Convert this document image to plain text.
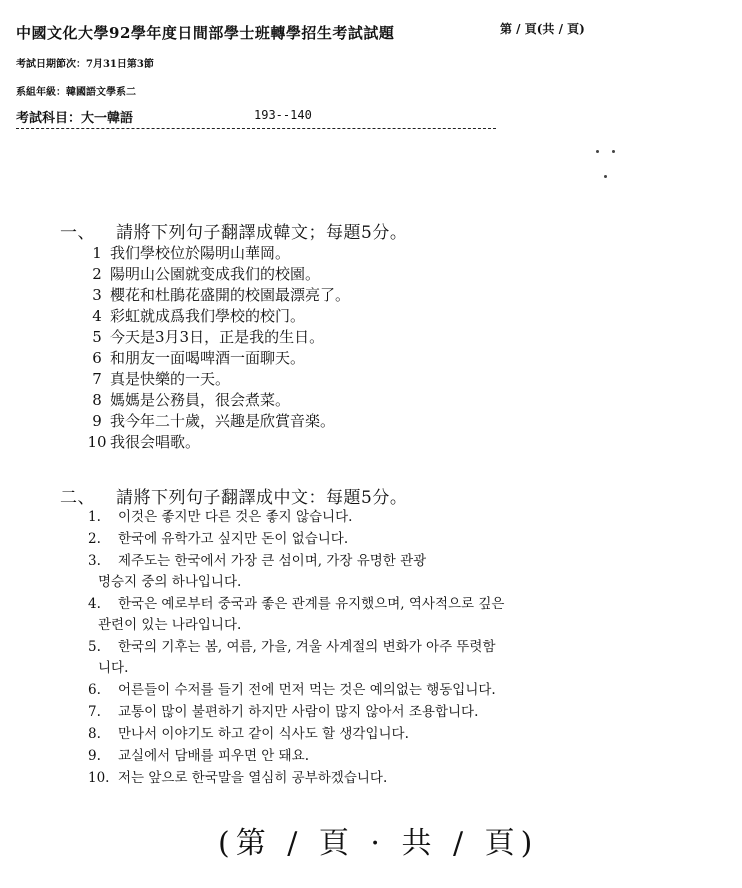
中國文化大學92學年度日間部學士班轉學招生考試試題	第 / 頁(共 / 頁)
考試日期節次：7月31日第3節
系組年級：韓國語文學系二
考試科目：大一韓語	193--140
一、 請將下列句子翻譯成韓文；每題5分。
1 我们學校位於陽明山華岡。
2 陽明山公園就变成我们的校園。
3 櫻花和杜鵑花盛開的校園最漂亮了。
4 彩虹就成爲我们學校的校门。
5 今天是3月3日，正是我的生日。
6 和朋友一面喝啤酒一面聊天。
7 真是快樂的一天。
8 媽媽是公務員，很会煮菜。
9 我今年二十歲，兴趣是欣賞音楽。
10 我很会唱歌。
二、 請將下列句子翻譯成中文：每題5分。
1. 이것은 좋지만 다른 것은 좋지 않습니다.
2. 한국에 유학가고 싶지만 돈이 없습니다.
3. 제주도는 한국에서 가장 큰 섬이며, 가장 유명한 관광
명승지 중의 하나입니다.
4. 한국은 예로부터 중국과 좋은 관계를 유지했으며, 역사적으로 깊은
관련이 있는 나라입니다.
5. 한국의 기후는 봄, 여름, 가을, 겨울 사계절의 변화가 아주 뚜렷함
니다.
6. 어른들이 수저를 들기 전에 먼저 먹는 것은 예의없는 행동입니다.
7. 교통이 많이 불편하기 하지만 사람이 많지 않아서 조용합니다.
8. 만나서 이야기도 하고 같이 식사도 할 생각입니다.
9. 교실에서 담배를 피우면 안 돼요.
10. 저는 앞으로 한국말을 열심히 공부하겠습니다.
(第 / 頁 · 共 / 頁)
